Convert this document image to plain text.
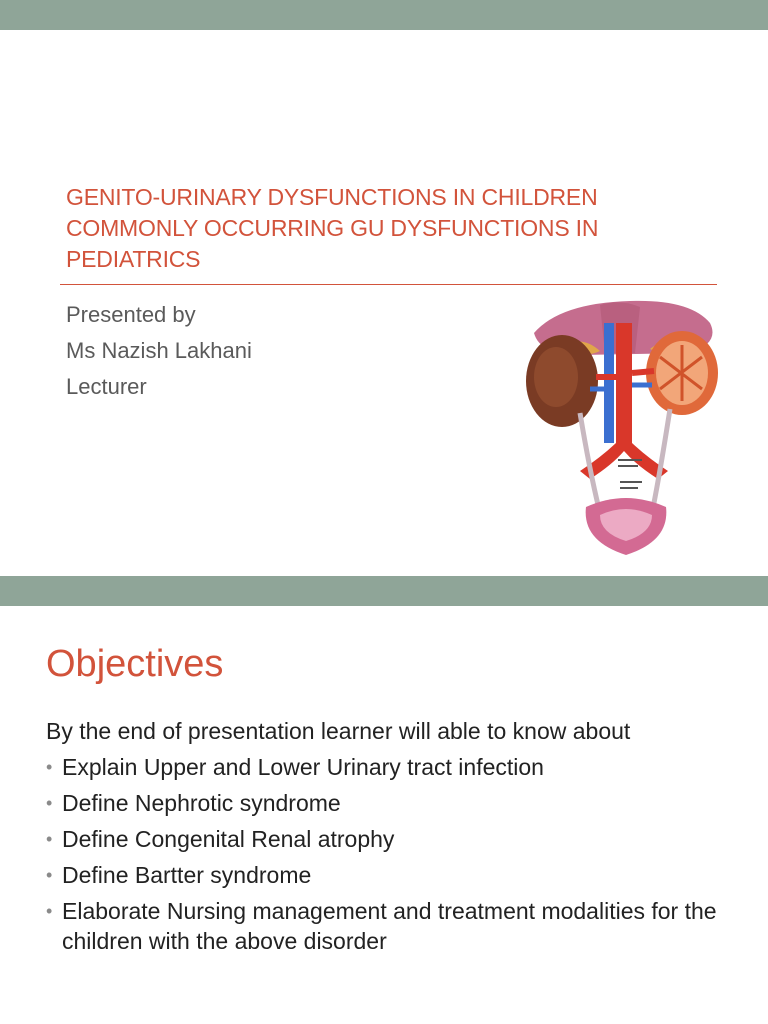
GENITO-URINARY DYSFUNCTIONS IN CHILDREN
COMMONLY OCCURRING GU DYSFUNCTIONS IN
PEDIATRICS

Presented by

Ms Nazish Lakhani

Lecturer

Objectives

By the end of presentation learner will able to know about

• Explain Upper and Lower Urinary tract infection
• Define Nephrotic syndrome
• Define Congenital Renal atrophy
• Define Bartter syndrome
• Elaborate Nursing management and treatment modalities for the children with the above disorder
